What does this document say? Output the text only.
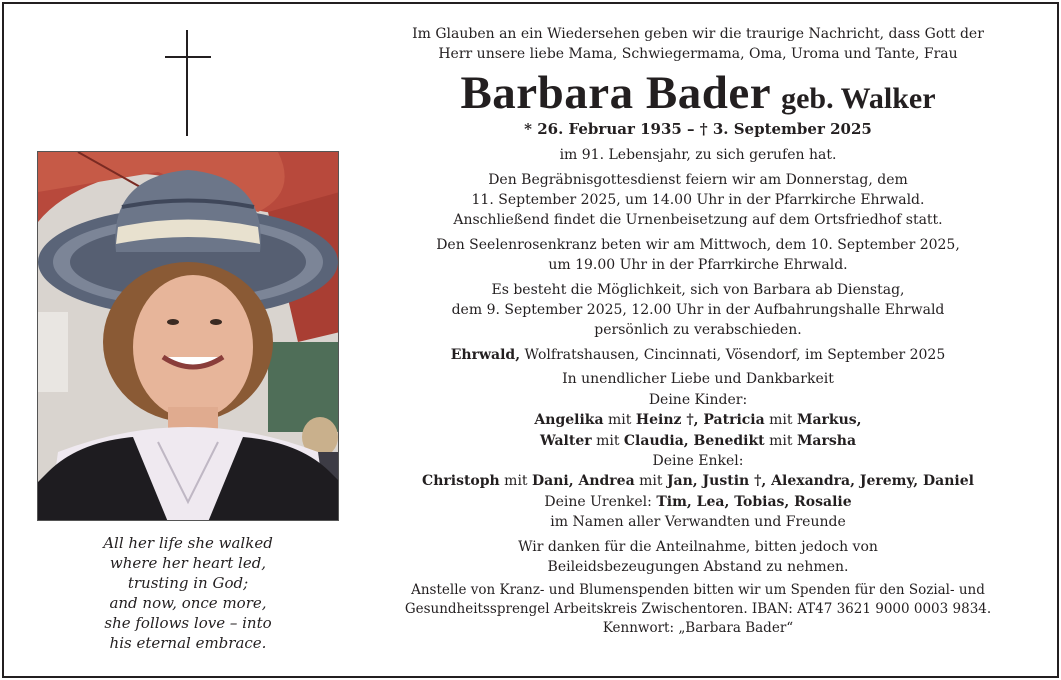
All her life she walked
where her heart led,
trusting in God;
and now, once more,
she follows love – into
his eternal embrace.
Im Glauben an ein Wiedersehen geben wir die traurige Nachricht, dass Gott der
Herr unsere liebe Mama, Schwiegermama, Oma, Uroma und Tante, Frau
Barbara Bader geb. Walker
* 26. Februar 1935 – † 3. September 2025
im 91. Lebensjahr, zu sich gerufen hat.
Den Begräbnisgottesdienst feiern wir am Donnerstag, dem
11. September 2025, um 14.00 Uhr in der Pfarrkirche Ehrwald.
Anschließend findet die Urnenbeisetzung auf dem Ortsfriedhof statt.
Den Seelenrosenkranz beten wir am Mittwoch, dem 10. September 2025,
um 19.00 Uhr in der Pfarrkirche Ehrwald.
Es besteht die Möglichkeit, sich von Barbara ab Dienstag,
dem 9. September 2025, 12.00 Uhr in der Aufbahrungshalle Ehrwald
persönlich zu verabschieden.
Ehrwald, Wolfratshausen, Cincinnati, Vösendorf, im September 2025
In unendlicher Liebe und Dankbarkeit
Deine Kinder:
Angelika mit Heinz †, Patricia mit Markus,
Walter mit Claudia, Benedikt mit Marsha
Deine Enkel:
Christoph mit Dani, Andrea mit Jan, Justin †, Alexandra, Jeremy, Daniel
Deine Urenkel: Tim, Lea, Tobias, Rosalie
im Namen aller Verwandten und Freunde
Wir danken für die Anteilnahme, bitten jedoch von
Beileidsbezeugungen Abstand zu nehmen.
Anstelle von Kranz- und Blumenspenden bitten wir um Spenden für den Sozial- und
Gesundheitssprengel Arbeitskreis Zwischentoren. IBAN: AT47 3621 9000 0003 9834.
Kennwort: „Barbara Bader“
